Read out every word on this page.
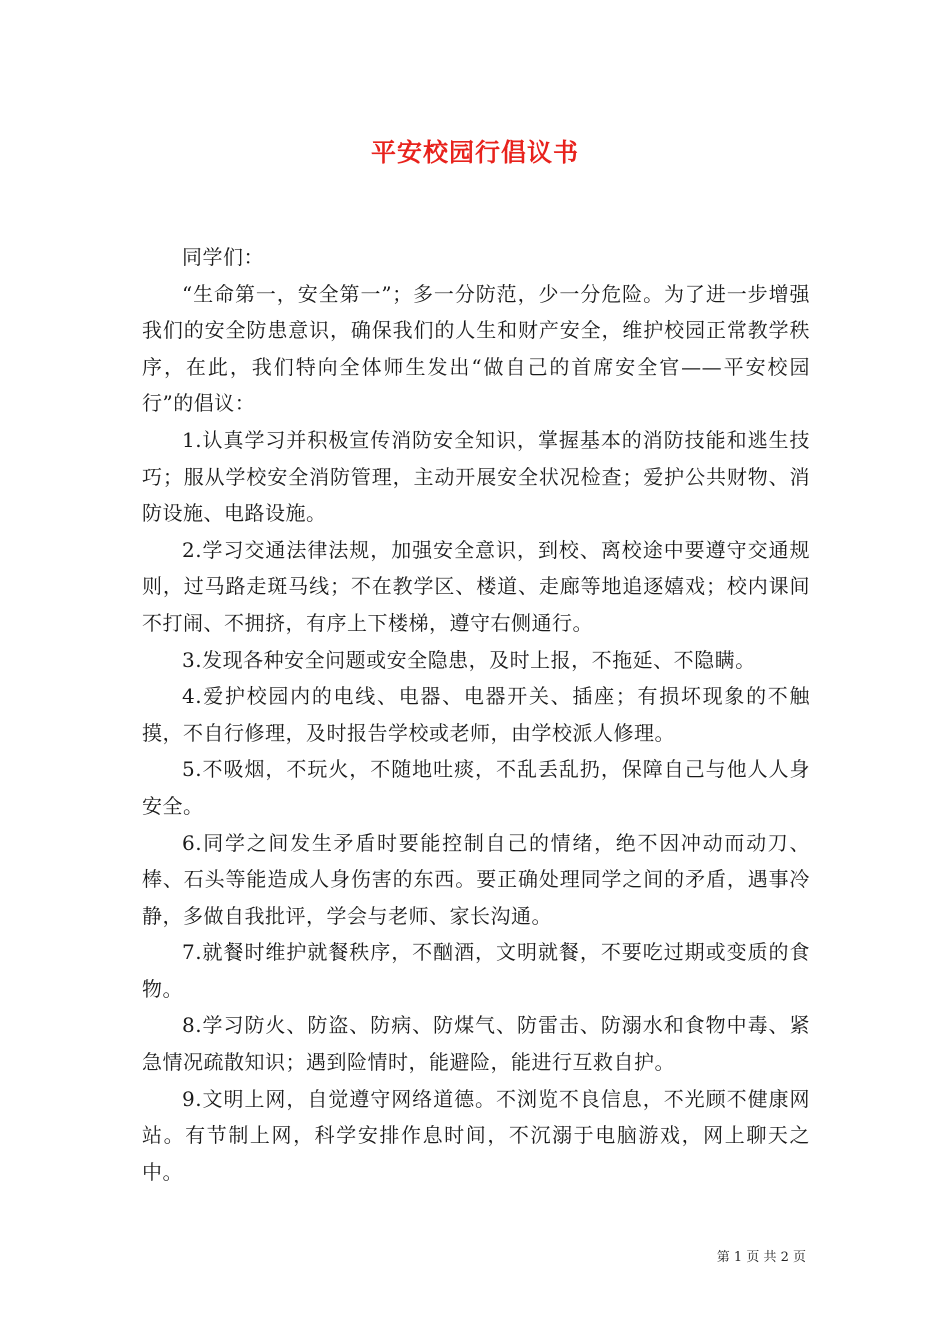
平安校园行倡议书

同学们：

“生命第一，安全第一”；多一分防范，少一分危险。为了进一步增强我们的安全防患意识，确保我们的人生和财产安全，维护校园正常教学秩序，在此，我们特向全体师生发出“做自己的首席安全官——平安校园行”的倡议：

1.认真学习并积极宣传消防安全知识，掌握基本的消防技能和逃生技巧；服从学校安全消防管理，主动开展安全状况检查；爱护公共财物、消防设施、电路设施。

2.学习交通法律法规，加强安全意识，到校、离校途中要遵守交通规则，过马路走斑马线；不在教学区、楼道、走廊等地追逐嬉戏；校内课间不打闹、不拥挤，有序上下楼梯，遵守右侧通行。

3.发现各种安全问题或安全隐患，及时上报，不拖延、不隐瞒。

4.爱护校园内的电线、电器、电器开关、插座；有损坏现象的不触摸，不自行修理，及时报告学校或老师，由学校派人修理。

5.不吸烟，不玩火，不随地吐痰，不乱丢乱扔，保障自己与他人人身安全。

6.同学之间发生矛盾时要能控制自己的情绪，绝不因冲动而动刀、棒、石头等能造成人身伤害的东西。要正确处理同学之间的矛盾，遇事冷静，多做自我批评，学会与老师、家长沟通。

7.就餐时维护就餐秩序，不酗酒，文明就餐，不要吃过期或变质的食物。

8.学习防火、防盗、防病、防煤气、防雷击、防溺水和食物中毒、紧急情况疏散知识；遇到险情时，能避险，能进行互救自护。

9.文明上网，自觉遵守网络道德。不浏览不良信息，不光顾不健康网站。有节制上网，科学安排作息时间，不沉溺于电脑游戏，网上聊天之中。

第 1 页 共 2 页
